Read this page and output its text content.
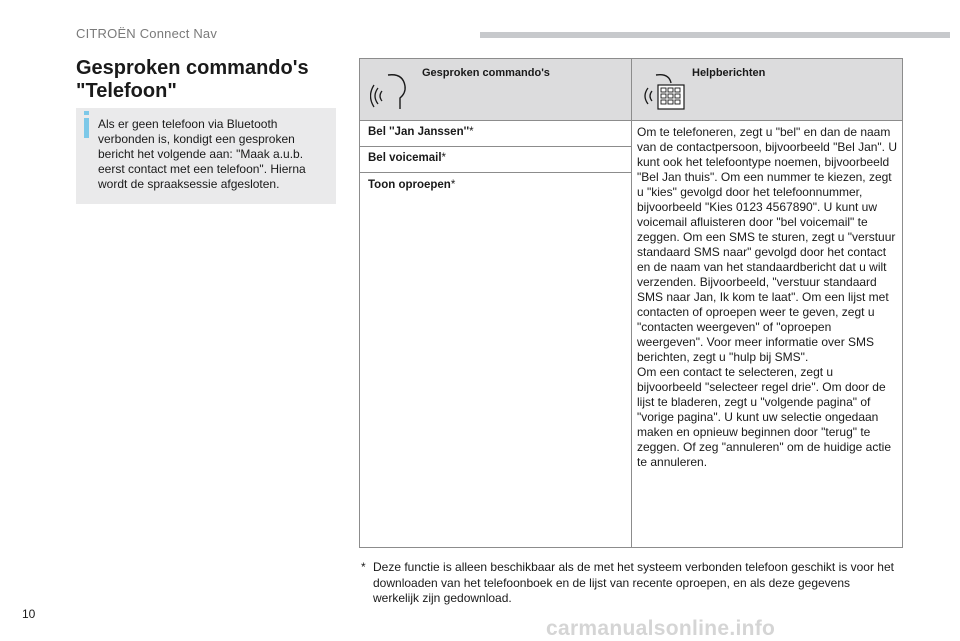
CITROËN Connect Nav
Gesproken commando's "Telefoon"
Als er geen telefoon via Bluetooth verbonden is, kondigt een gesproken bericht het volgende aan: "Maak a.u.b. eerst contact met een telefoon". Hierna wordt de spraaksessie afgesloten.
Gesproken commando's	Helpberichten
Bel ''Jan Janssen''*
Bel voicemail*
Toon oproepen*
Om te telefoneren, zegt u "bel" en dan de naam van de contactpersoon, bijvoorbeeld "Bel Jan". U kunt ook het telefoontype noemen, bijvoorbeeld "Bel Jan thuis". Om een nummer te kiezen, zegt u "kies" gevolgd door het telefoonnummer, bijvoorbeeld "Kies 0123 4567890". U kunt uw voicemail afluisteren door "bel voicemail" te zeggen. Om een SMS te sturen, zegt u "verstuur standaard SMS naar" gevolgd door het contact en de naam van het standaardbericht dat u wilt verzenden. Bijvoorbeeld, "verstuur standaard SMS naar Jan, Ik kom te laat". Om een lijst met contacten of oproepen weer te geven, zegt u "contacten weergeven" of "oproepen weergeven". Voor meer informatie over SMS berichten, zegt u "hulp bij SMS".
Om een contact te selecteren, zegt u bijvoorbeeld "selecteer regel drie". Om door de lijst te bladeren, zegt u "volgende pagina" of "vorige pagina". U kunt uw selectie ongedaan maken en opnieuw beginnen door "terug" te zeggen. Of zeg "annuleren" om de huidige actie te annuleren.
* Deze functie is alleen beschikbaar als de met het systeem verbonden telefoon geschikt is voor het downloaden van het telefoonboek en de lijst van recente oproepen, en als deze gegevens werkelijk zijn gedownload.
10
carmanualsonline.info
